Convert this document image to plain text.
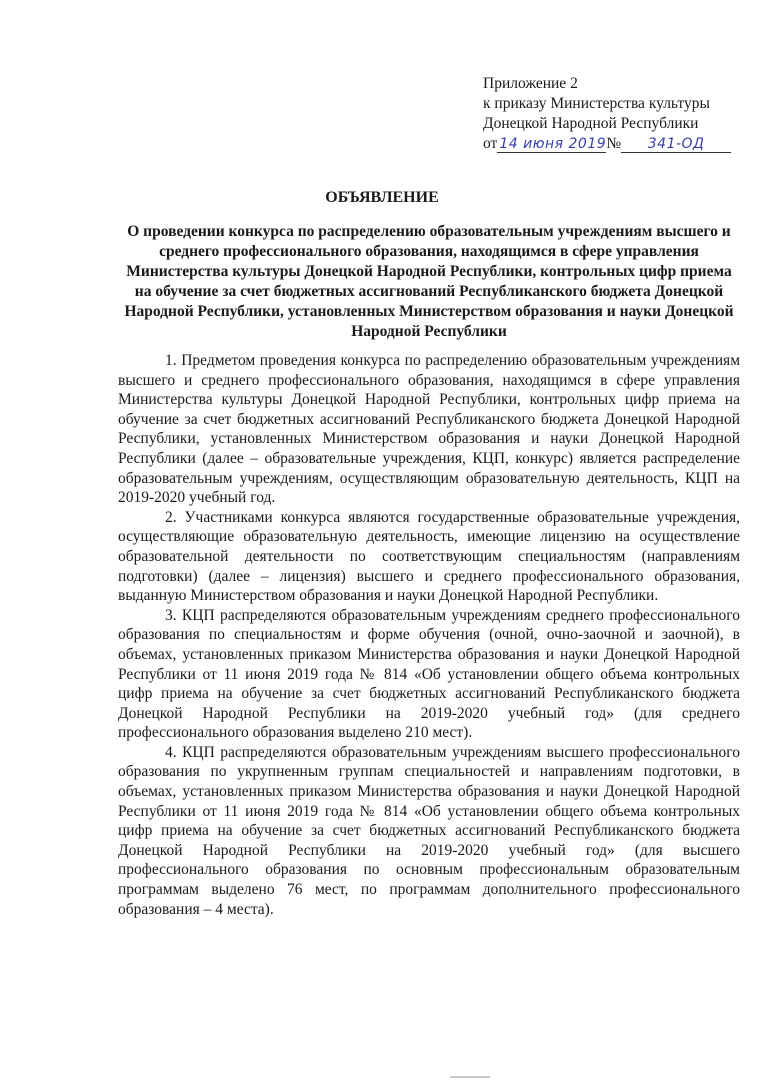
Приложение 2
к приказу Министерства культуры
Донецкой Народной Республики
от 14 июня 2019№ 341-ОД
ОБЪЯВЛЕНИЕ
О проведении конкурса по распределению образовательным учреждениям высшего и среднего профессионального образования, находящимся в сфере управления Министерства культуры Донецкой Народной Республики, контрольных цифр приема на обучение за счет бюджетных ассигнований Республиканского бюджета Донецкой Народной Республики, установленных Министерством образования и науки Донецкой Народной Республики

1. Предметом проведения конкурса по распределению образовательным учреждениям высшего и среднего профессионального образования, находящимся в сфере управления Министерства культуры Донецкой Народной Республики, контрольных цифр приема на обучение за счет бюджетных ассигнований Республиканского бюджета Донецкой Народной Республики, установленных Министерством образования и науки Донецкой Народной Республики (далее – образовательные учреждения, КЦП, конкурс) является распределение образовательным учреждениям, осуществляющим образовательную деятельность, КЦП на 2019-2020 учебный год.

2. Участниками конкурса являются государственные образовательные учреждения, осуществляющие образовательную деятельность, имеющие лицензию на осуществление образовательной деятельности по соответствующим специальностям (направлениям подготовки) (далее – лицензия) высшего и среднего профессионального образования, выданную Министерством образования и науки Донецкой Народной Республики.

3. КЦП распределяются образовательным учреждениям среднего профессионального образования по специальностям и форме обучения (очной, очно-заочной и заочной), в объемах, установленных приказом Министерства образования и науки Донецкой Народной Республики от 11 июня 2019 года № 814 «Об установлении общего объема контрольных цифр приема на обучение за счет бюджетных ассигнований Республиканского бюджета Донецкой Народной Республики на 2019-2020 учебный год» (для среднего профессионального образования выделено 210 мест).

4. КЦП распределяются образовательным учреждениям высшего профессионального образования по укрупненным группам специальностей и направлениям подготовки, в объемах, установленных приказом Министерства образования и науки Донецкой Народной Республики от 11 июня 2019 года № 814 «Об установлении общего объема контрольных цифр приема на обучение за счет бюджетных ассигнований Республиканского бюджета Донецкой Народной Республики на 2019-2020 учебный год» (для высшего профессионального образования по основным профессиональным образовательным программам выделено 76 мест, по программам дополнительного профессионального образования – 4 места).
